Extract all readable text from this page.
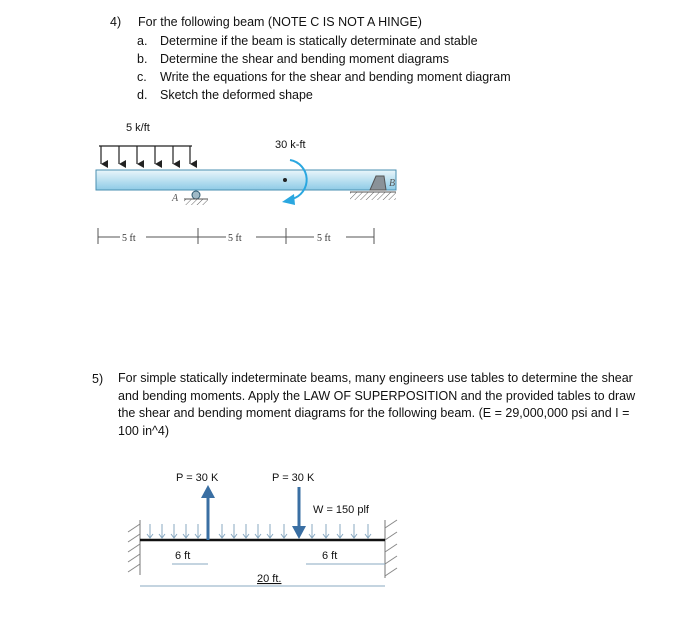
4) For the following beam (NOTE C IS NOT A HINGE)
a. Determine if the beam is statically determinate and stable
b. Determine the shear and bending moment diagrams
c. Write the equations for the shear and bending moment diagram
d. Sketch the deformed shape
5 k/ft
30 k-ft
A
B
5 ft	5 ft	5 ft
P = 30 K	P = 30 K
W = 150 plf
6 ft	6 ft
20 ft.
5) For simple statically indeterminate beams, many engineers use tables to determine the shear and bending moments. Apply the LAW OF SUPERPOSITION and the provided tables to draw the shear and bending moment diagrams for the following beam. (E = 29,000,000 psi and I = 100 in^4)
